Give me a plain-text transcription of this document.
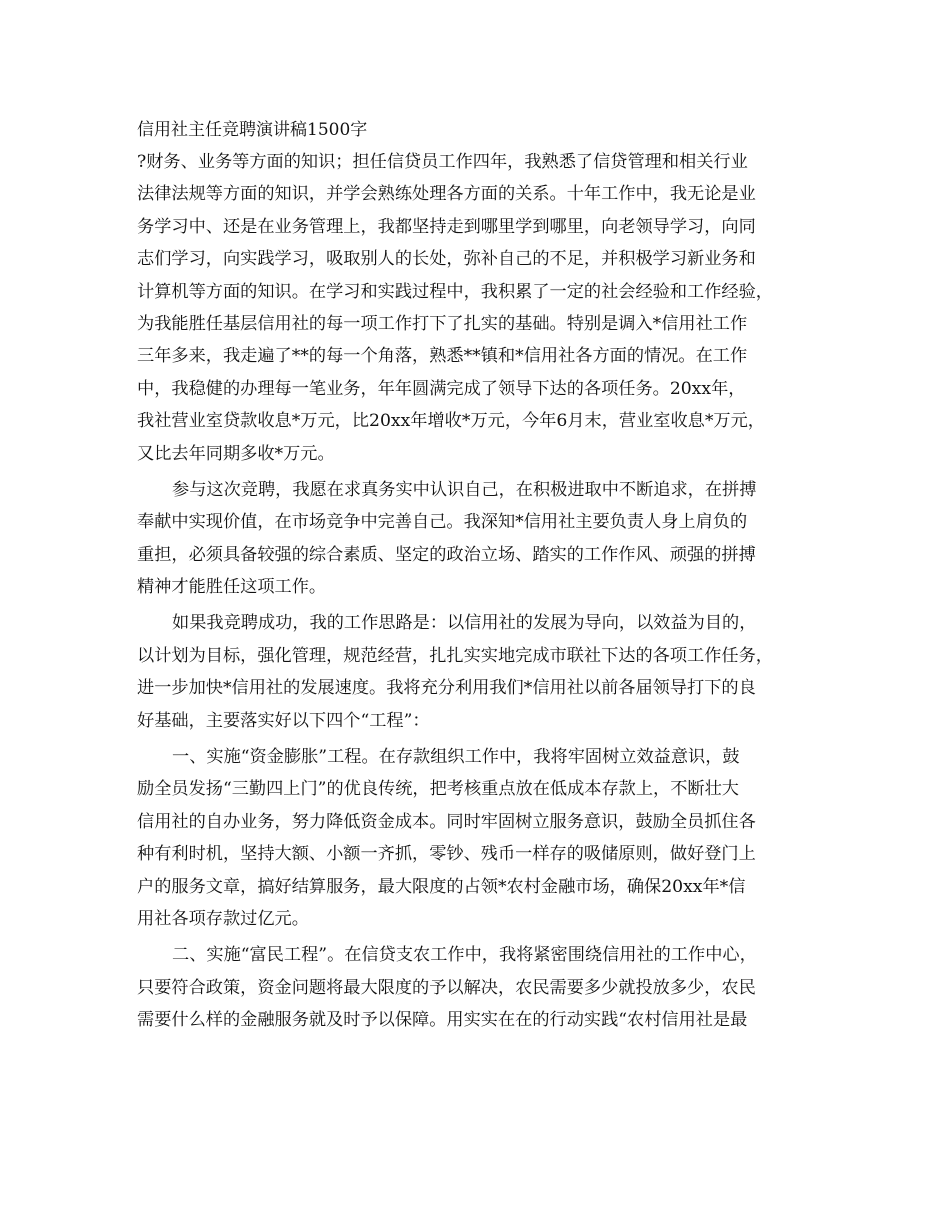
信用社主任竞聘演讲稿1500字
?财务、业务等方面的知识；担任信贷员工作四年，我熟悉了信贷管理和相关行业
法律法规等方面的知识，并学会熟练处理各方面的关系。十年工作中，我无论是业
务学习中、还是在业务管理上，我都坚持走到哪里学到哪里，向老领导学习，向同
志们学习，向实践学习，吸取别人的长处，弥补自己的不足，并积极学习新业务和
计算机等方面的知识。在学习和实践过程中，我积累了一定的社会经验和工作经验，
为我能胜任基层信用社的每一项工作打下了扎实的基础。特别是调入*信用社工作
三年多来，我走遍了**的每一个角落，熟悉**镇和*信用社各方面的情况。在工作
中，我稳健的办理每一笔业务，年年圆满完成了领导下达的各项任务。20xx年，
我社营业室贷款收息*万元，比20xx年增收*万元，今年6月末，营业室收息*万元，
又比去年同期多收*万元。
参与这次竞聘，我愿在求真务实中认识自己，在积极进取中不断追求，在拼搏
奉献中实现价值，在市场竞争中完善自己。我深知*信用社主要负责人身上肩负的
重担，必须具备较强的综合素质、坚定的政治立场、踏实的工作作风、顽强的拼搏
精神才能胜任这项工作。
如果我竞聘成功，我的工作思路是：以信用社的发展为导向，以效益为目的，
以计划为目标，强化管理，规范经营，扎扎实实地完成市联社下达的各项工作任务，
进一步加快*信用社的发展速度。我将充分利用我们*信用社以前各届领导打下的良
好基础，主要落实好以下四个“工程”：
一、实施“资金膨胀”工程。在存款组织工作中，我将牢固树立效益意识，鼓
励全员发扬“三勤四上门”的优良传统，把考核重点放在低成本存款上，不断壮大
信用社的自办业务，努力降低资金成本。同时牢固树立服务意识，鼓励全员抓住各
种有利时机，坚持大额、小额一齐抓，零钞、残币一样存的吸储原则，做好登门上
户的服务文章，搞好结算服务，最大限度的占领*农村金融市场，确保20xx年*信
用社各项存款过亿元。
二、实施“富民工程”。在信贷支农工作中，我将紧密围绕信用社的工作中心，
只要符合政策，资金问题将最大限度的予以解决，农民需要多少就投放多少，农民
需要什么样的金融服务就及时予以保障。用实实在在的行动实践“农村信用社是最
